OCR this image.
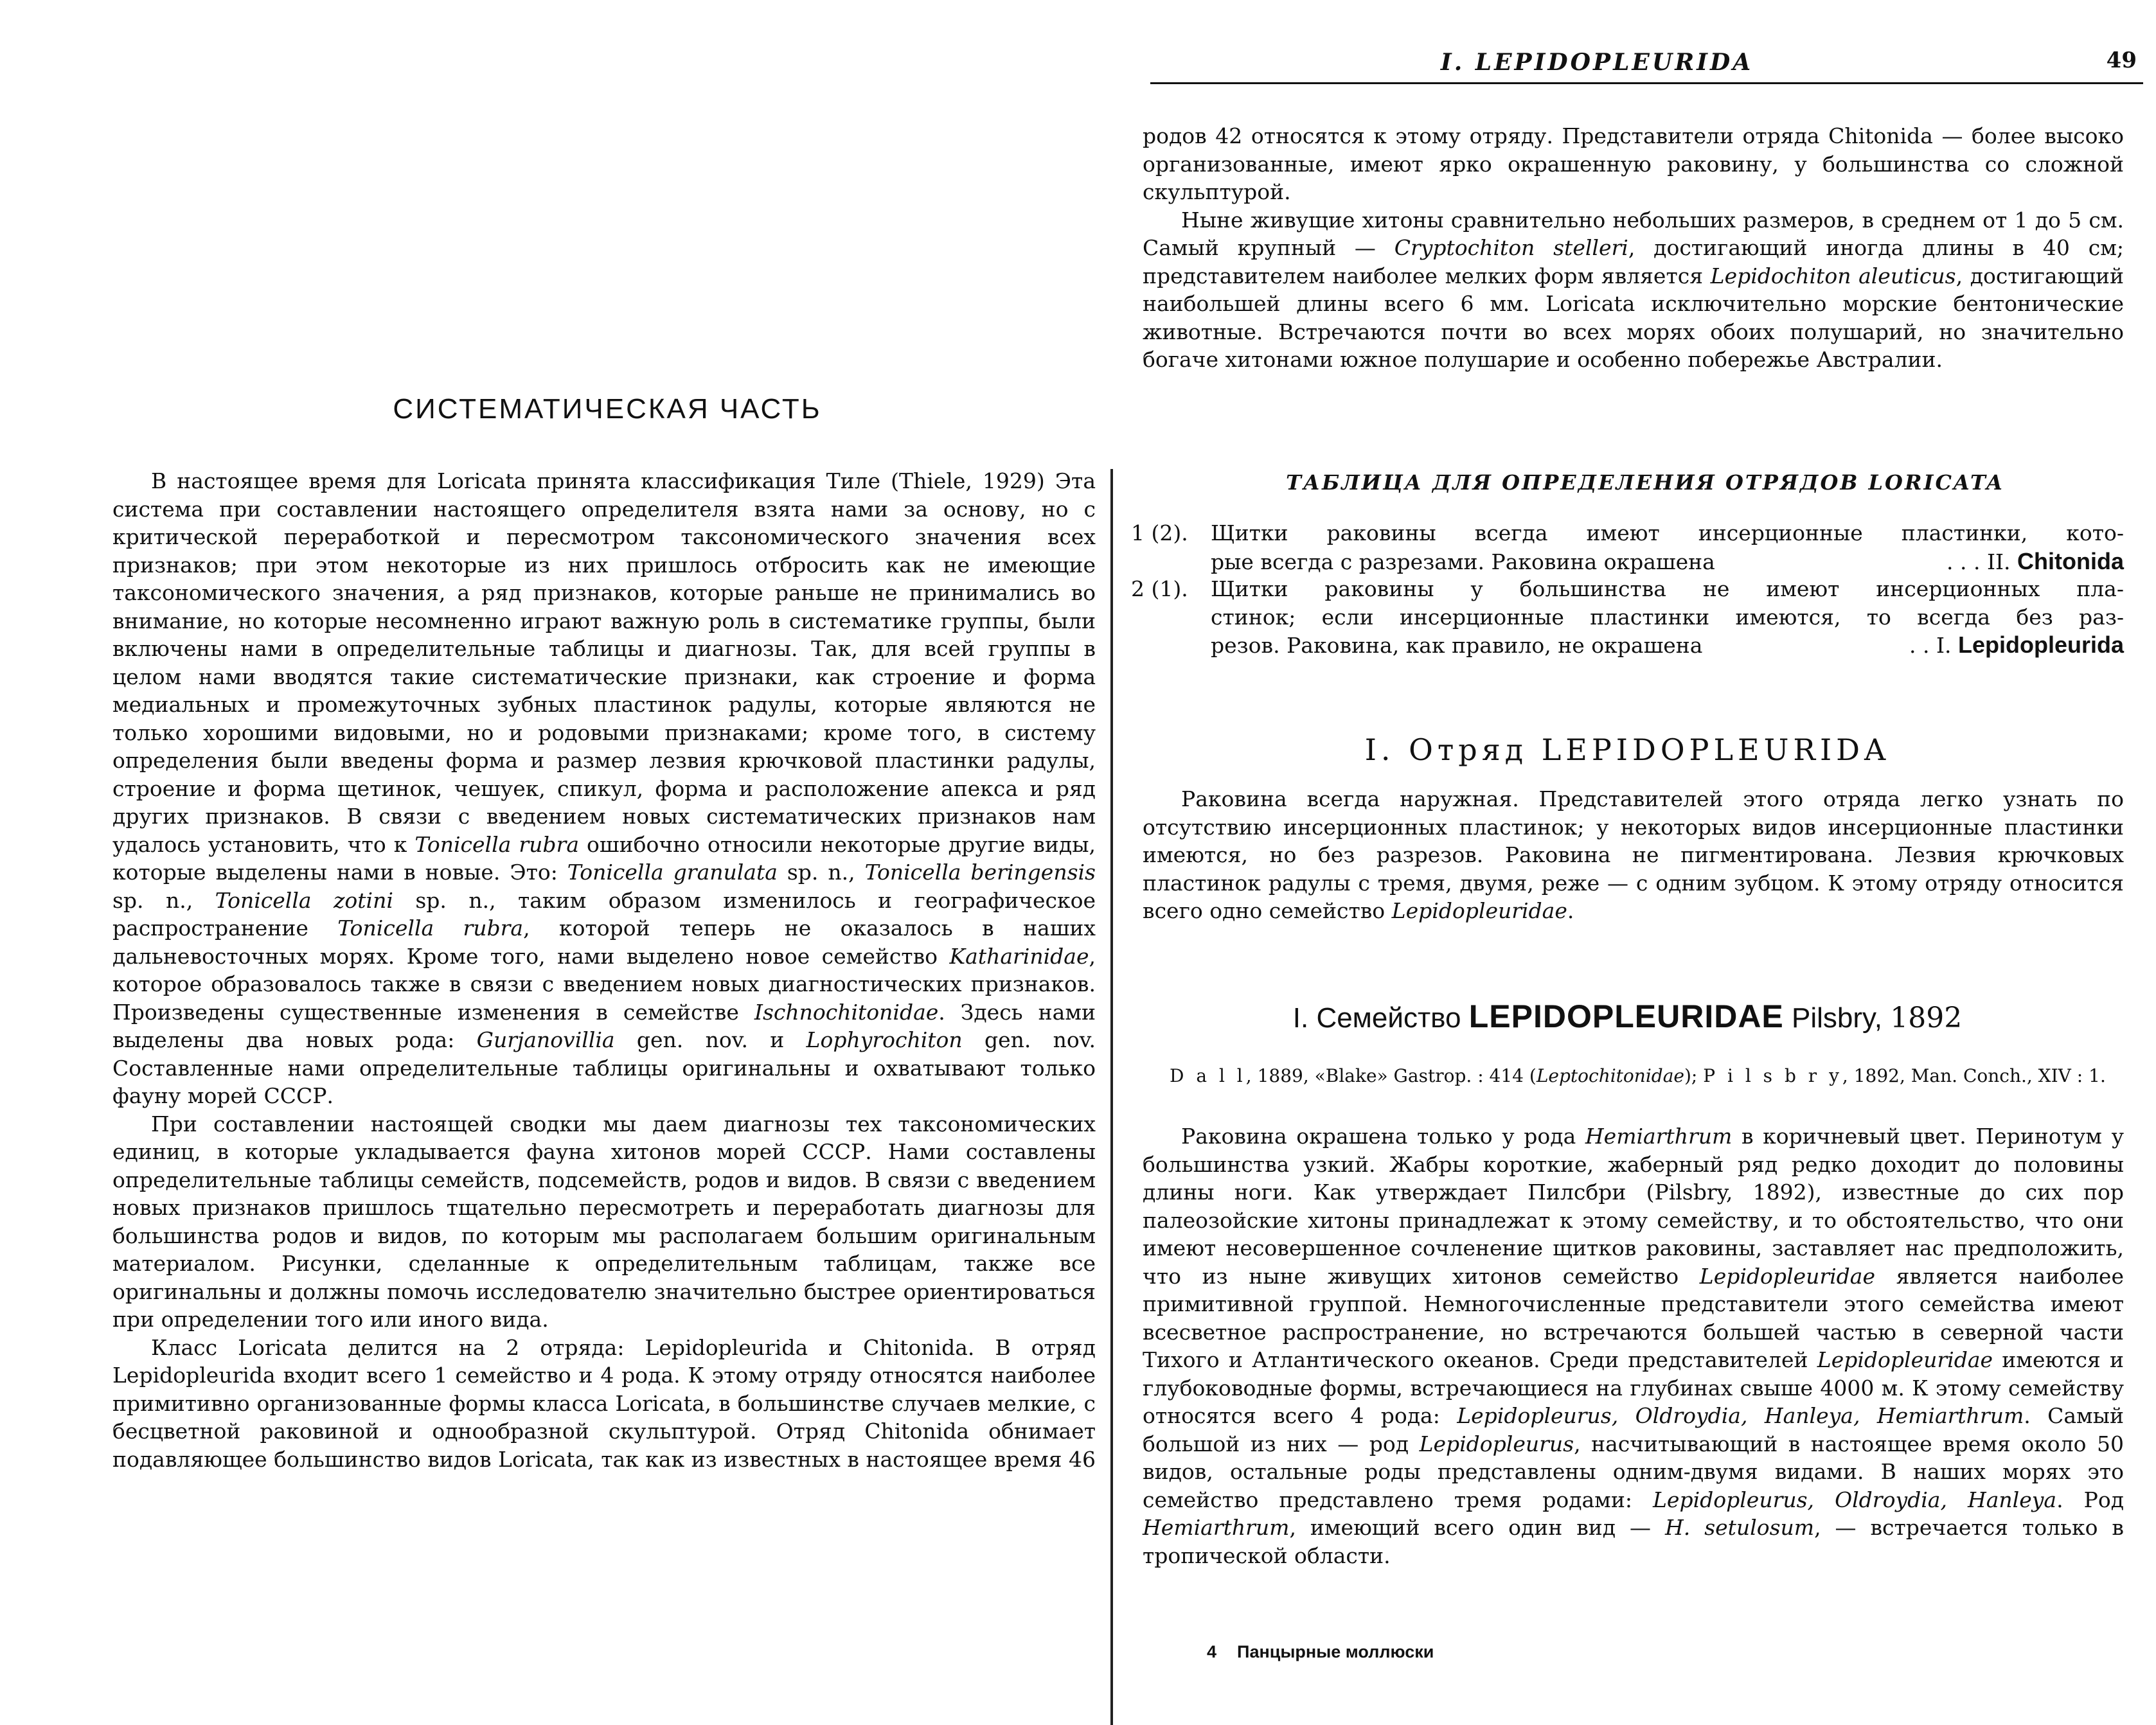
СИСТЕМАТИЧЕСКАЯ ЧАСТЬ

В настоящее время для Loricata принята классификация Тиле (Thiele, 1929) Эта система при составлении настоящего определителя взята нами за основу, но с критической переработкой и пересмотром таксономического значения всех признаков; при этом некоторые из них пришлось отбросить как не имеющие таксономического значения, а ряд признаков, которые раньше не принимались во внимание, но которые несомненно играют важную роль в систематике группы, были включены нами в определительные таблицы и диагнозы. Так, для всей группы в целом нами вводятся такие систематические признаки, как строение и форма медиальных и промежуточных зубных пластинок радулы, которые являются не только хорошими видовыми, но и родовыми признаками; кроме того, в систему определения были введены форма и размер лезвия крючковой пластинки радулы, строение и форма щетинок, чешуек, спикул, форма и расположение апекса и ряд других признаков. В связи с введением новых систематических признаков нам удалось установить, что к Tonicella rubra ошибочно относили некоторые другие виды, которые выделены нами в новые. Это: Tonicella granulata sp. n., Tonicella beringensis sp. n., Tonicella zotini sp. n., таким образом изменилось и географическое распространение Tonicella rubra, которой теперь не оказалось в наших дальневосточных морях. Кроме того, нами выделено новое семейство Katharinidae, которое образовалось также в связи с введением новых диагностических признаков. Произведены существенные изменения в семействе Ischnochitonidae. Здесь нами выделены два новых рода: Gurjanovillia gen. nov. и Lophyrochiton gen. nov. Составленные нами определительные таблицы оригинальны и охватывают только фауну морей СССР.

При составлении настоящей сводки мы даем диагнозы тех таксономических единиц, в которые укладывается фауна хитонов морей СССР. Нами составлены определительные таблицы семейств, подсемейств, родов и видов. В связи с введением новых признаков пришлось тщательно пересмотреть и переработать диагнозы для большинства родов и видов, по которым мы располагаем большим оригинальным материалом. Рисунки, сделанные к определительным таблицам, также все оригинальны и должны помочь исследователю значительно быстрее ориентироваться при определении того или иного вида.

Класс Loricata делится на 2 отряда: Lepidopleurida и Chitonida. В отряд Lepidopleurida входит всего 1 семейство и 4 рода. К этому отряду относятся наиболее примитивно организованные формы класса Loricata, в большинстве случаев мелкие, с бесцветной раковиной и однообразной скульптурой. Отряд Chitonida обнимает подавляющее большинство видов Loricata, так как из известных в настоящее время 46

I. LEPIDOPLEURIDA	49

родов 42 относятся к этому отряду. Представители отряда Chitonida — более высоко организованные, имеют ярко окрашенную раковину, у большинства со сложной скульптурой.

Ныне живущие хитоны сравнительно небольших размеров, в среднем от 1 до 5 см. Самый крупный — Cryptochiton stelleri, достигающий иногда длины в 40 см; представителем наиболее мелких форм является Lepidochiton aleuticus, достигающий наибольшей длины всего 6 мм. Loricata исключительно морские бентонические животные. Встречаются почти во всех морях обоих полушарий, но значительно богаче хитонами южное полушарие и особенно побережье Австралии.

ТАБЛИЦА ДЛЯ ОПРЕДЕЛЕНИЯ ОТРЯДОВ LORICATA
1 (2). Щитки раковины всегда имеют инсерционные пластинки, кото-
рые всегда с разрезами. Раковина окрашена	. . . II. Chitonida
2 (1). Щитки раковины у большинства не имеют инсерционных пла-
стинок; если инсерционные пластинки имеются, то всегда без раз-
резов. Раковина, как правило, не окрашена	. . I. Lepidopleurida
I. Отряд LEPIDOPLEURIDA

Раковина всегда наружная. Представителей этого отряда легко узнать по отсутствию инсерционных пластинок; у некоторых видов инсерционные пластинки имеются, но без разрезов. Раковина не пигментирована. Лезвия крючковых пластинок радулы с тремя, двумя, реже — с одним зубцом. К этому отряду относится всего одно семейство Lepidopleuridae.

I. Семейство LEPIDOPLEURIDAE Pilsbry, 1892

D a l l, 1889, «Blake» Gastrop. : 414 (Leptochitonidae); P i l s b r y, 1892, Man. Conch., XIV : 1.

Раковина окрашена только у рода Hemiarthrum в коричневый цвет. Перинотум у большинства узкий. Жабры короткие, жаберный ряд редко доходит до половины длины ноги. Как утверждает Пилсбри (Pilsbry, 1892), известные до сих пор палеозойские хитоны принадлежат к этому семейству, и то обстоятельство, что они имеют несовершенное сочленение щитков раковины, заставляет нас предположить, что из ныне живущих хитонов семейство Lepidopleuridae является наиболее примитивной группой. Немногочисленные представители этого семейства имеют всесветное распространение, но встречаются большей частью в северной части Тихого и Атлантического океанов. Среди представителей Lepidopleuridae имеются и глубоководные формы, встречающиеся на глубинах свыше 4000 м. К этому семейству относятся всего 4 рода: Lepidopleurus, Oldroydia, Hanleya, Hemiarthrum. Самый большой из них — род Lepidopleurus, насчитывающий в настоящее время около 50 видов, остальные роды представлены одним-двумя видами. В наших морях это семейство представлено тремя родами: Lepidopleurus, Oldroydia, Hanleya. Род Hemiarthrum, имеющий всего один вид — H. setulosum, — встречается только в тропической области.

4 Панцырные моллюски
